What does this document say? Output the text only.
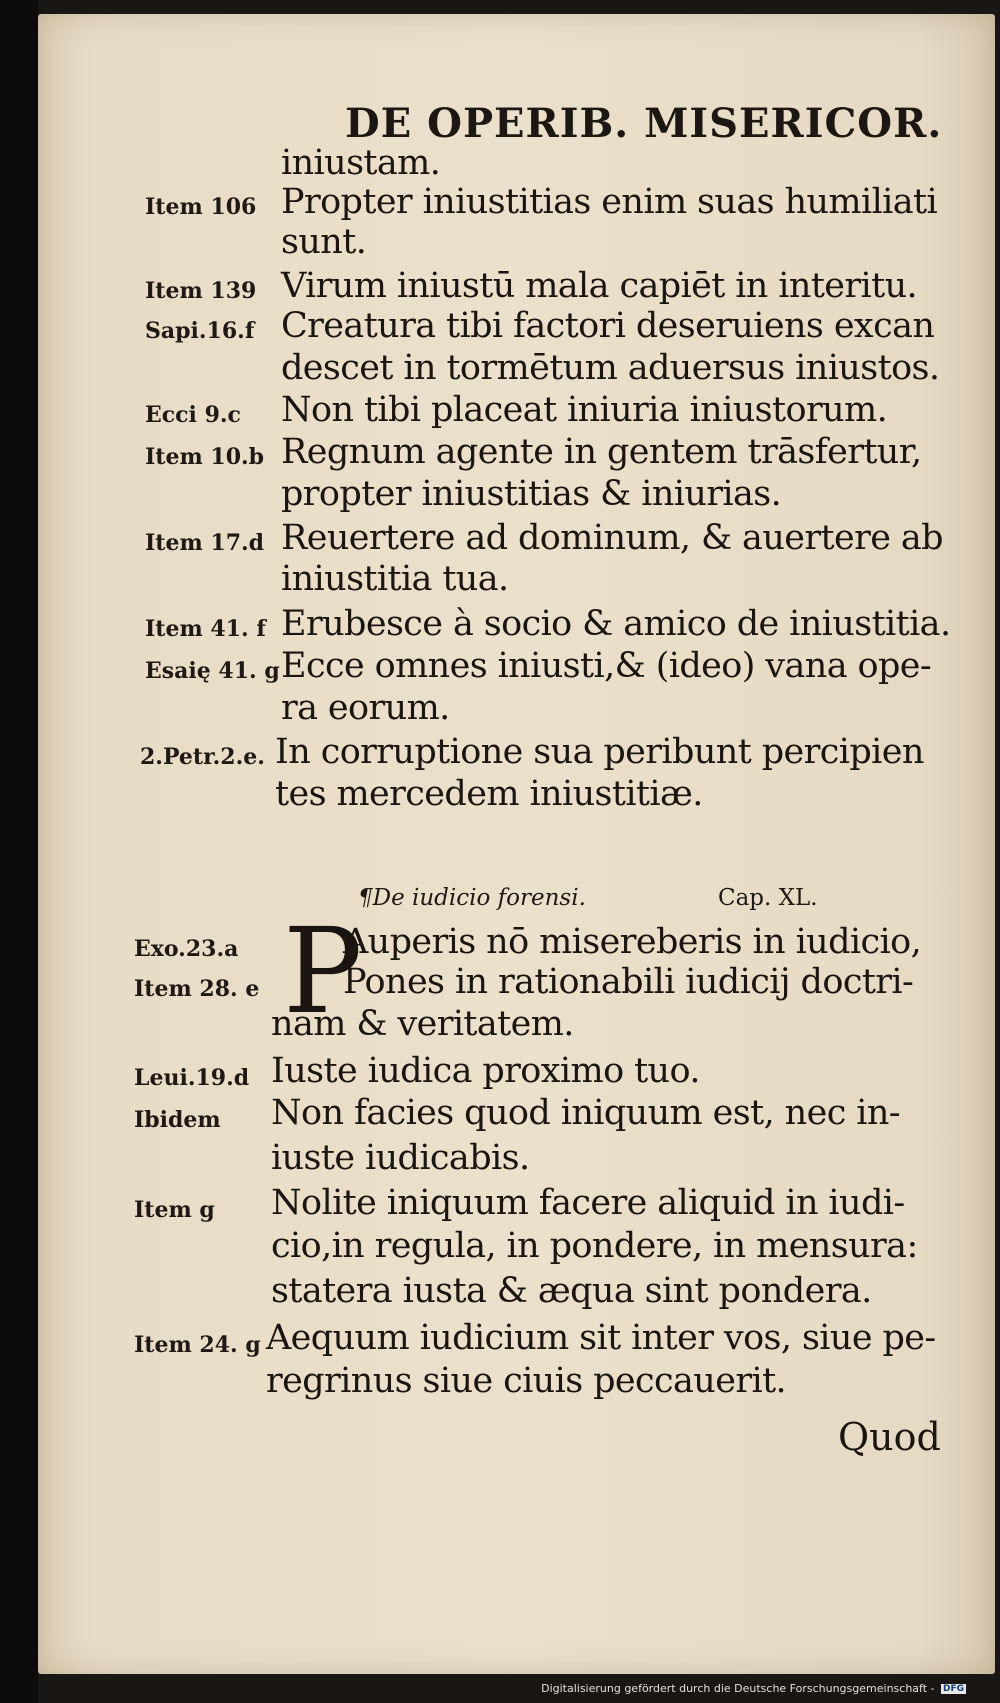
DE OPERIB. MISERICOR.
iniustam.
Item 106 Propter iniustitias enim suas humiliati
sunt.
Item 139 Virum iniustū mala capiēt in interitu.
Sapi.16.f Creatura tibi factori deseruiens excan
descet in tormētum aduersus iniustos.
Ecci 9.c Non tibi placeat iniuria iniustorum.
Item 10.b Regnum agente in gentem trāsfertur,
propter iniustitias & iniurias.
Item 17.d Reuertere ad dominum, & auertere ab
iniustitia tua.
Item 41. f Erubesce à socio & amico de iniustitia.
Esaię 41. g Ecce omnes iniusti,& (ideo) vana ope-
ra eorum.
2.Petr.2.e. In corruptione sua peribunt percipien
tes mercedem iniustitiæ.
¶De iudicio forensi.	Cap. XL.
P
Exo.23.a	Auperis nō misereberis in iudicio,
Item 28. e Pones in rationabili iudicij doctri-
nam & veritatem.
Leui.19.d Iuste iudica proximo tuo.
Ibidem Non facies quod iniquum est, nec in-
iuste iudicabis.
Item g Nolite iniquum facere aliquid in iudi-
cio,in regula, in pondere, in mensura:
statera iusta & æqua sint pondera.
Item 24. g Aequum iudicium sit inter vos, siue pe-
regrinus siue ciuis peccauerit.
Quod
Digitalisierung gefördert durch die Deutsche Forschungsgemeinschaft - DFG
